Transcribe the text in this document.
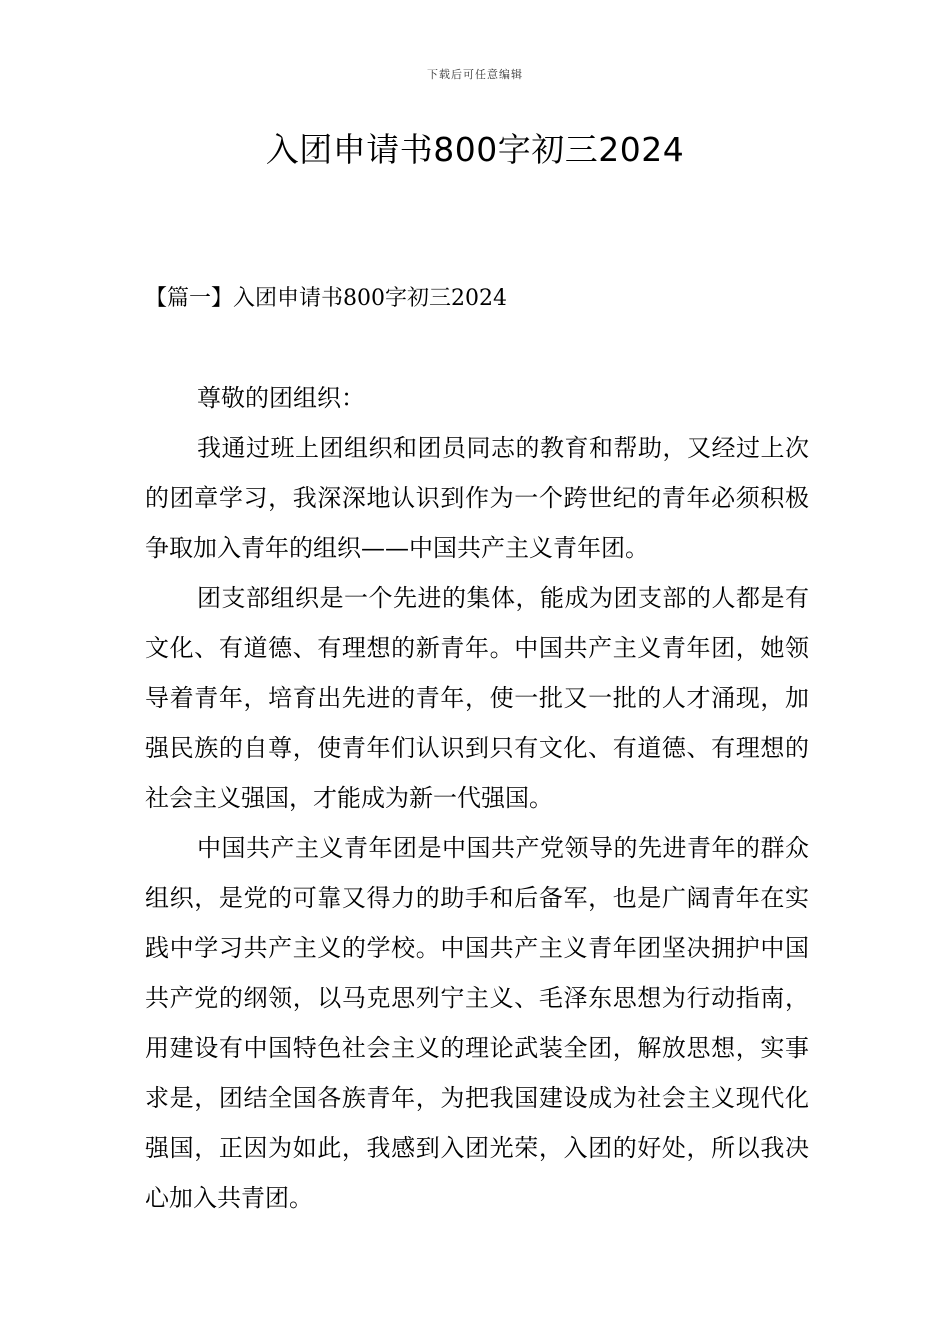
下载后可任意编辑
入团申请书800字初三2024
【篇一】入团申请书800字初三2024
尊敬的团组织：

我通过班上团组织和团员同志的教育和帮助，又经过上次的团章学习，我深深地认识到作为一个跨世纪的青年必须积极争取加入青年的组织——中国共产主义青年团。

团支部组织是一个先进的集体，能成为团支部的人都是有文化、有道德、有理想的新青年。中国共产主义青年团，她领导着青年，培育出先进的青年，使一批又一批的人才涌现，加强民族的自尊，使青年们认识到只有文化、有道德、有理想的社会主义强国，才能成为新一代强国。

中国共产主义青年团是中国共产党领导的先进青年的群众组织，是党的可靠又得力的助手和后备军，也是广阔青年在实践中学习共产主义的学校。中国共产主义青年团坚决拥护中国共产党的纲领，以马克思列宁主义、毛泽东思想为行动指南，用建设有中国特色社会主义的理论武装全团，解放思想，实事求是，团结全国各族青年，为把我国建设成为社会主义现代化强国，正因为如此，我感到入团光荣，入团的好处，所以我决心加入共青团。
